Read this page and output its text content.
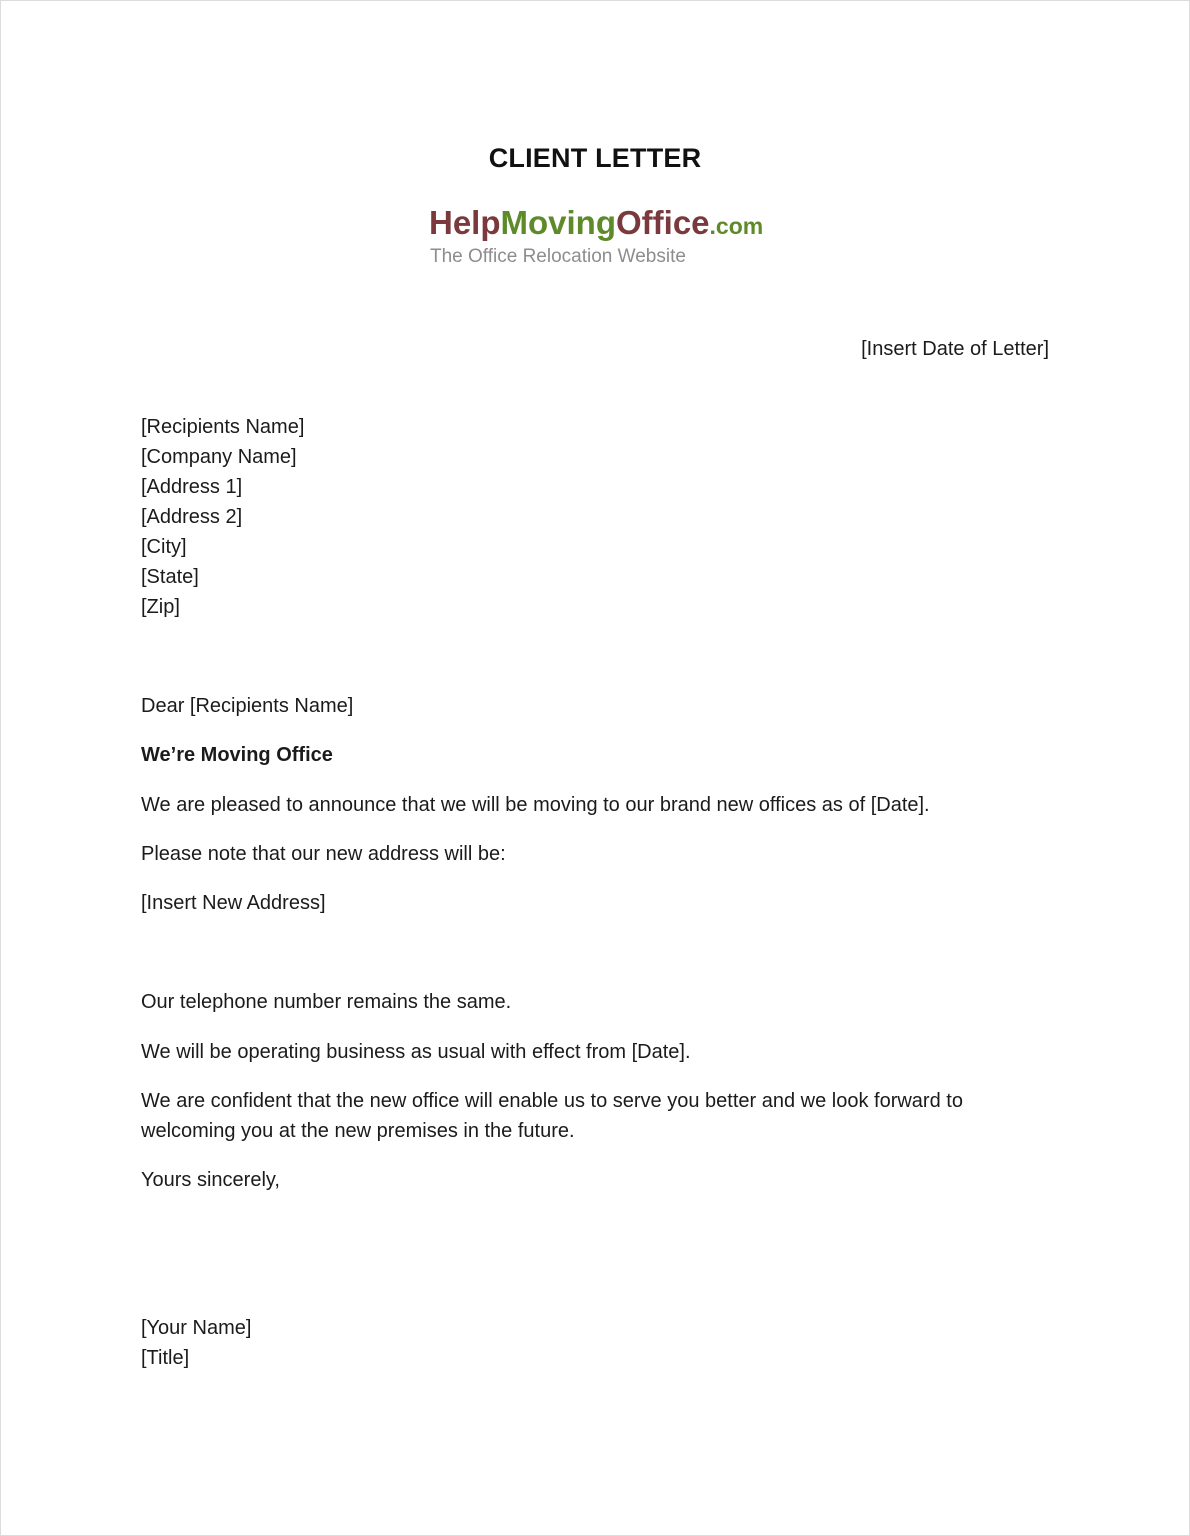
CLIENT LETTER
HelpMovingOffice.com
The Office Relocation Website
[Insert Date of Letter]
[Recipients Name]
[Company Name]
[Address 1]
[Address 2]
[City]
[State]
[Zip]
Dear [Recipients Name]
We’re Moving Office
We are pleased to announce that we will be moving to our brand new offices as of [Date].
Please note that our new address will be:
[Insert New Address]
Our telephone number remains the same.
We will be operating business as usual with effect from [Date].
We are confident that the new office will enable us to serve you better and we look forward to
welcoming you at the new premises in the future.
Yours sincerely,
[Your Name]
[Title]
